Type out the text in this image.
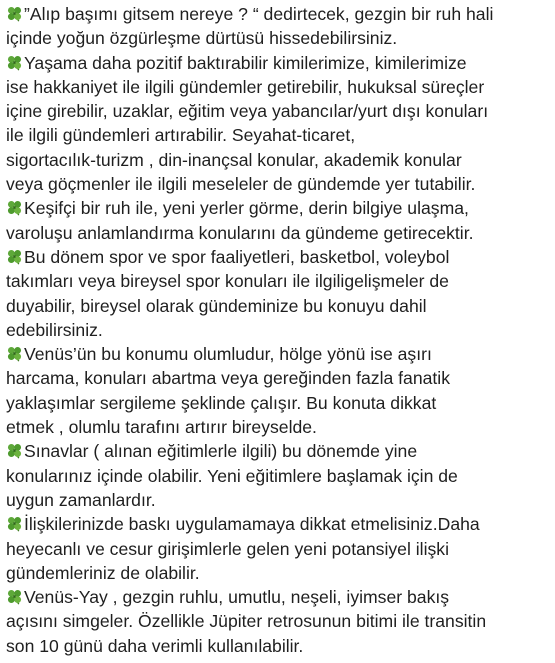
”Alıp başımı gitsem nereye ? “ dedirtecek, gezgin bir ruh hali
içinde yoğun özgürleşme dürtüsü hissedebilirsiniz.
Yaşama daha pozitif baktırabilir kimilerimize, kimilerimize
ise hakkaniyet ile ilgili gündemler getirebilir, hukuksal süreçler
içine girebilir, uzaklar, eğitim veya yabancılar/yurt dışı konuları
ile ilgili gündemleri artırabilir. Seyahat-ticaret,
sigortacılık-turizm , din-inançsal konular, akademik konular
veya göçmenler ile ilgili meseleler de gündemde yer tutabilir.
Keşifçi bir ruh ile, yeni yerler görme, derin bilgiye ulaşma,
varoluşu anlamlandırma konularını da gündeme getirecektir.
Bu dönem spor ve spor faaliyetleri, basketbol, voleybol
takımları veya bireysel spor konuları ile ilgiligelişmeler de
duyabilir, bireysel olarak gündeminize bu konuyu dahil
edebilirsiniz.
Venüs’ün bu konumu olumludur, hölge yönü ise aşırı
harcama, konuları abartma veya gereğinden fazla fanatik
yaklaşımlar sergileme şeklinde çalışır. Bu konuta dikkat
etmek , olumlu tarafını artırır bireyselde.
Sınavlar ( alınan eğitimlerle ilgili) bu dönemde yine
konularınız içinde olabilir. Yeni eğitimlere başlamak için de
uygun zamanlardır.
İlişkilerinizde baskı uygulamamaya dikkat etmelisiniz.Daha
heyecanlı ve cesur girişimlerle gelen yeni potansiyel ilişki
gündemleriniz de olabilir.
Venüs-Yay , gezgin ruhlu, umutlu, neşeli, iyimser bakış
açısını simgeler. Özellikle Jüpiter retrosunun bitimi ile transitin
son 10 günü daha verimli kullanılabilir.
